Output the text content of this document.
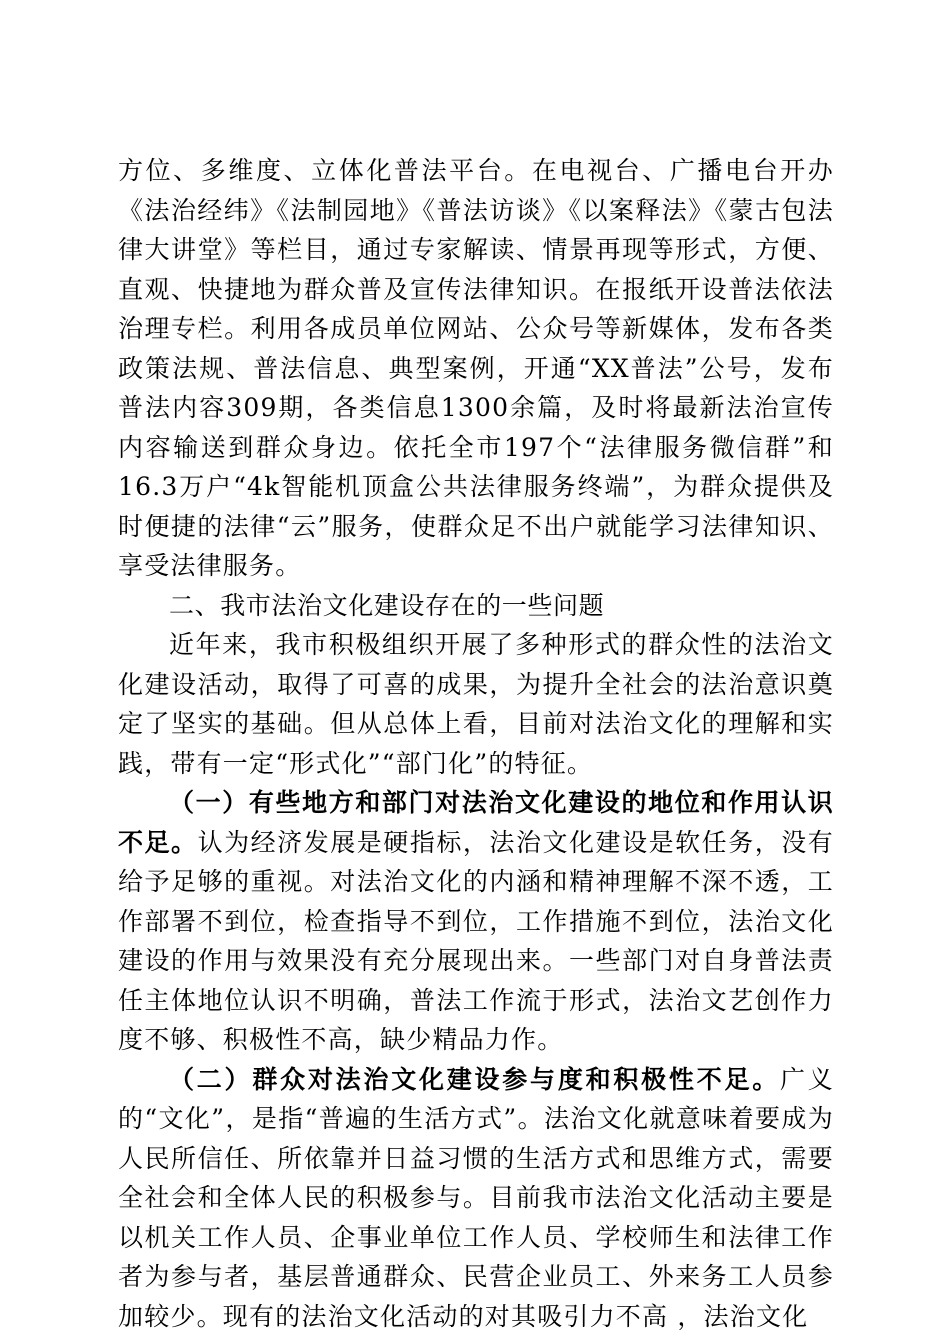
方位、多维度、立体化普法平台。在电视台、广播电台开办《法治经纬》《法制园地》《普法访谈》《以案释法》《蒙古包法律大讲堂》等栏目，通过专家解读、情景再现等形式，方便、直观、快捷地为群众普及宣传法律知识。在报纸开设普法依法治理专栏。利用各成员单位网站、公众号等新媒体，发布各类政策法规、普法信息、典型案例，开通“XX普法”公号，发布普法内容309期，各类信息1300余篇，及时将最新法治宣传内容输送到群众身边。依托全市197个“法律服务微信群”和16.3万户“4k智能机顶盒公共法律服务终端”，为群众提供及时便捷的法律“云”服务，使群众足不出户就能学习法律知识、享受法律服务。

二、我市法治文化建设存在的一些问题

近年来，我市积极组织开展了多种形式的群众性的法治文化建设活动，取得了可喜的成果，为提升全社会的法治意识奠定了坚实的基础。但从总体上看，目前对法治文化的理解和实践，带有一定“形式化”“部门化”的特征。

（一）有些地方和部门对法治文化建设的地位和作用认识不足。认为经济发展是硬指标，法治文化建设是软任务，没有给予足够的重视。对法治文化的内涵和精神理解不深不透，工作部署不到位，检查指导不到位，工作措施不到位，法治文化建设的作用与效果没有充分展现出来。一些部门对自身普法责任主体地位认识不明确，普法工作流于形式，法治文艺创作力度不够、积极性不高，缺少精品力作。

（二）群众对法治文化建设参与度和积极性不足。广义的“文化”，是指“普遍的生活方式”。法治文化就意味着要成为人民所信任、所依靠并日益习惯的生活方式和思维方式，需要全社会和全体人民的积极参与。目前我市法治文化活动主要是以机关工作人员、企事业单位工作人员、学校师生和法律工作者为参与者，基层普通群众、民营企业员工、外来务工人员参加较少。现有的法治文化活动的对其吸引力不高 ，法治文化
